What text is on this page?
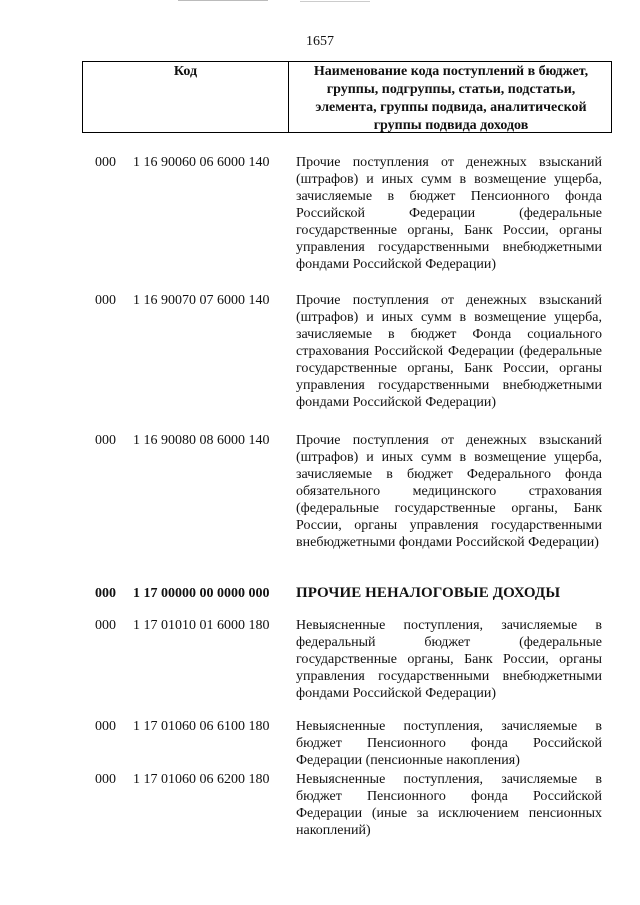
1657
Код	Наименование кода поступлений в бюджет, группы, подгруппы, статьи, подстатьи, элемента, группы подвида, аналитической группы подвида доходов
000 1 16 90060 06 6000 140 Прочие поступления от денежных взысканий (штрафов) и иных сумм в возмещение ущерба, зачисляемые в бюджет Пенсионного фонда Российской Федерации (федеральные государственные органы, Банк России, органы управления государственными внебюджетными фондами Российской Федерации)
000 1 16 90070 07 6000 140 Прочие поступления от денежных взысканий (штрафов) и иных сумм в возмещение ущерба, зачисляемые в бюджет Фонда социального страхования Российской Федерации (федеральные государственные органы, Банк России, органы управления государственными внебюджетными фондами Российской Федерации)
000 1 16 90080 08 6000 140 Прочие поступления от денежных взысканий (штрафов) и иных сумм в возмещение ущерба, зачисляемые в бюджет Федерального фонда обязательного медицинского страхования (федеральные государственные органы, Банк России, органы управления государственными внебюджетными фондами Российской Федерации)
000 1 17 00000 00 0000 000 ПРОЧИЕ НЕНАЛОГОВЫЕ ДОХОДЫ
000 1 17 01010 01 6000 180 Невыясненные поступления, зачисляемые в федеральный бюджет (федеральные государственные органы, Банк России, органы управления государственными внебюджетными фондами Российской Федерации)
000 1 17 01060 06 6100 180 Невыясненные поступления, зачисляемые в бюджет Пенсионного фонда Российской Федерации (пенсионные накопления)
000 1 17 01060 06 6200 180 Невыясненные поступления, зачисляемые в бюджет Пенсионного фонда Российской Федерации (иные за исключением пенсионных накоплений)
